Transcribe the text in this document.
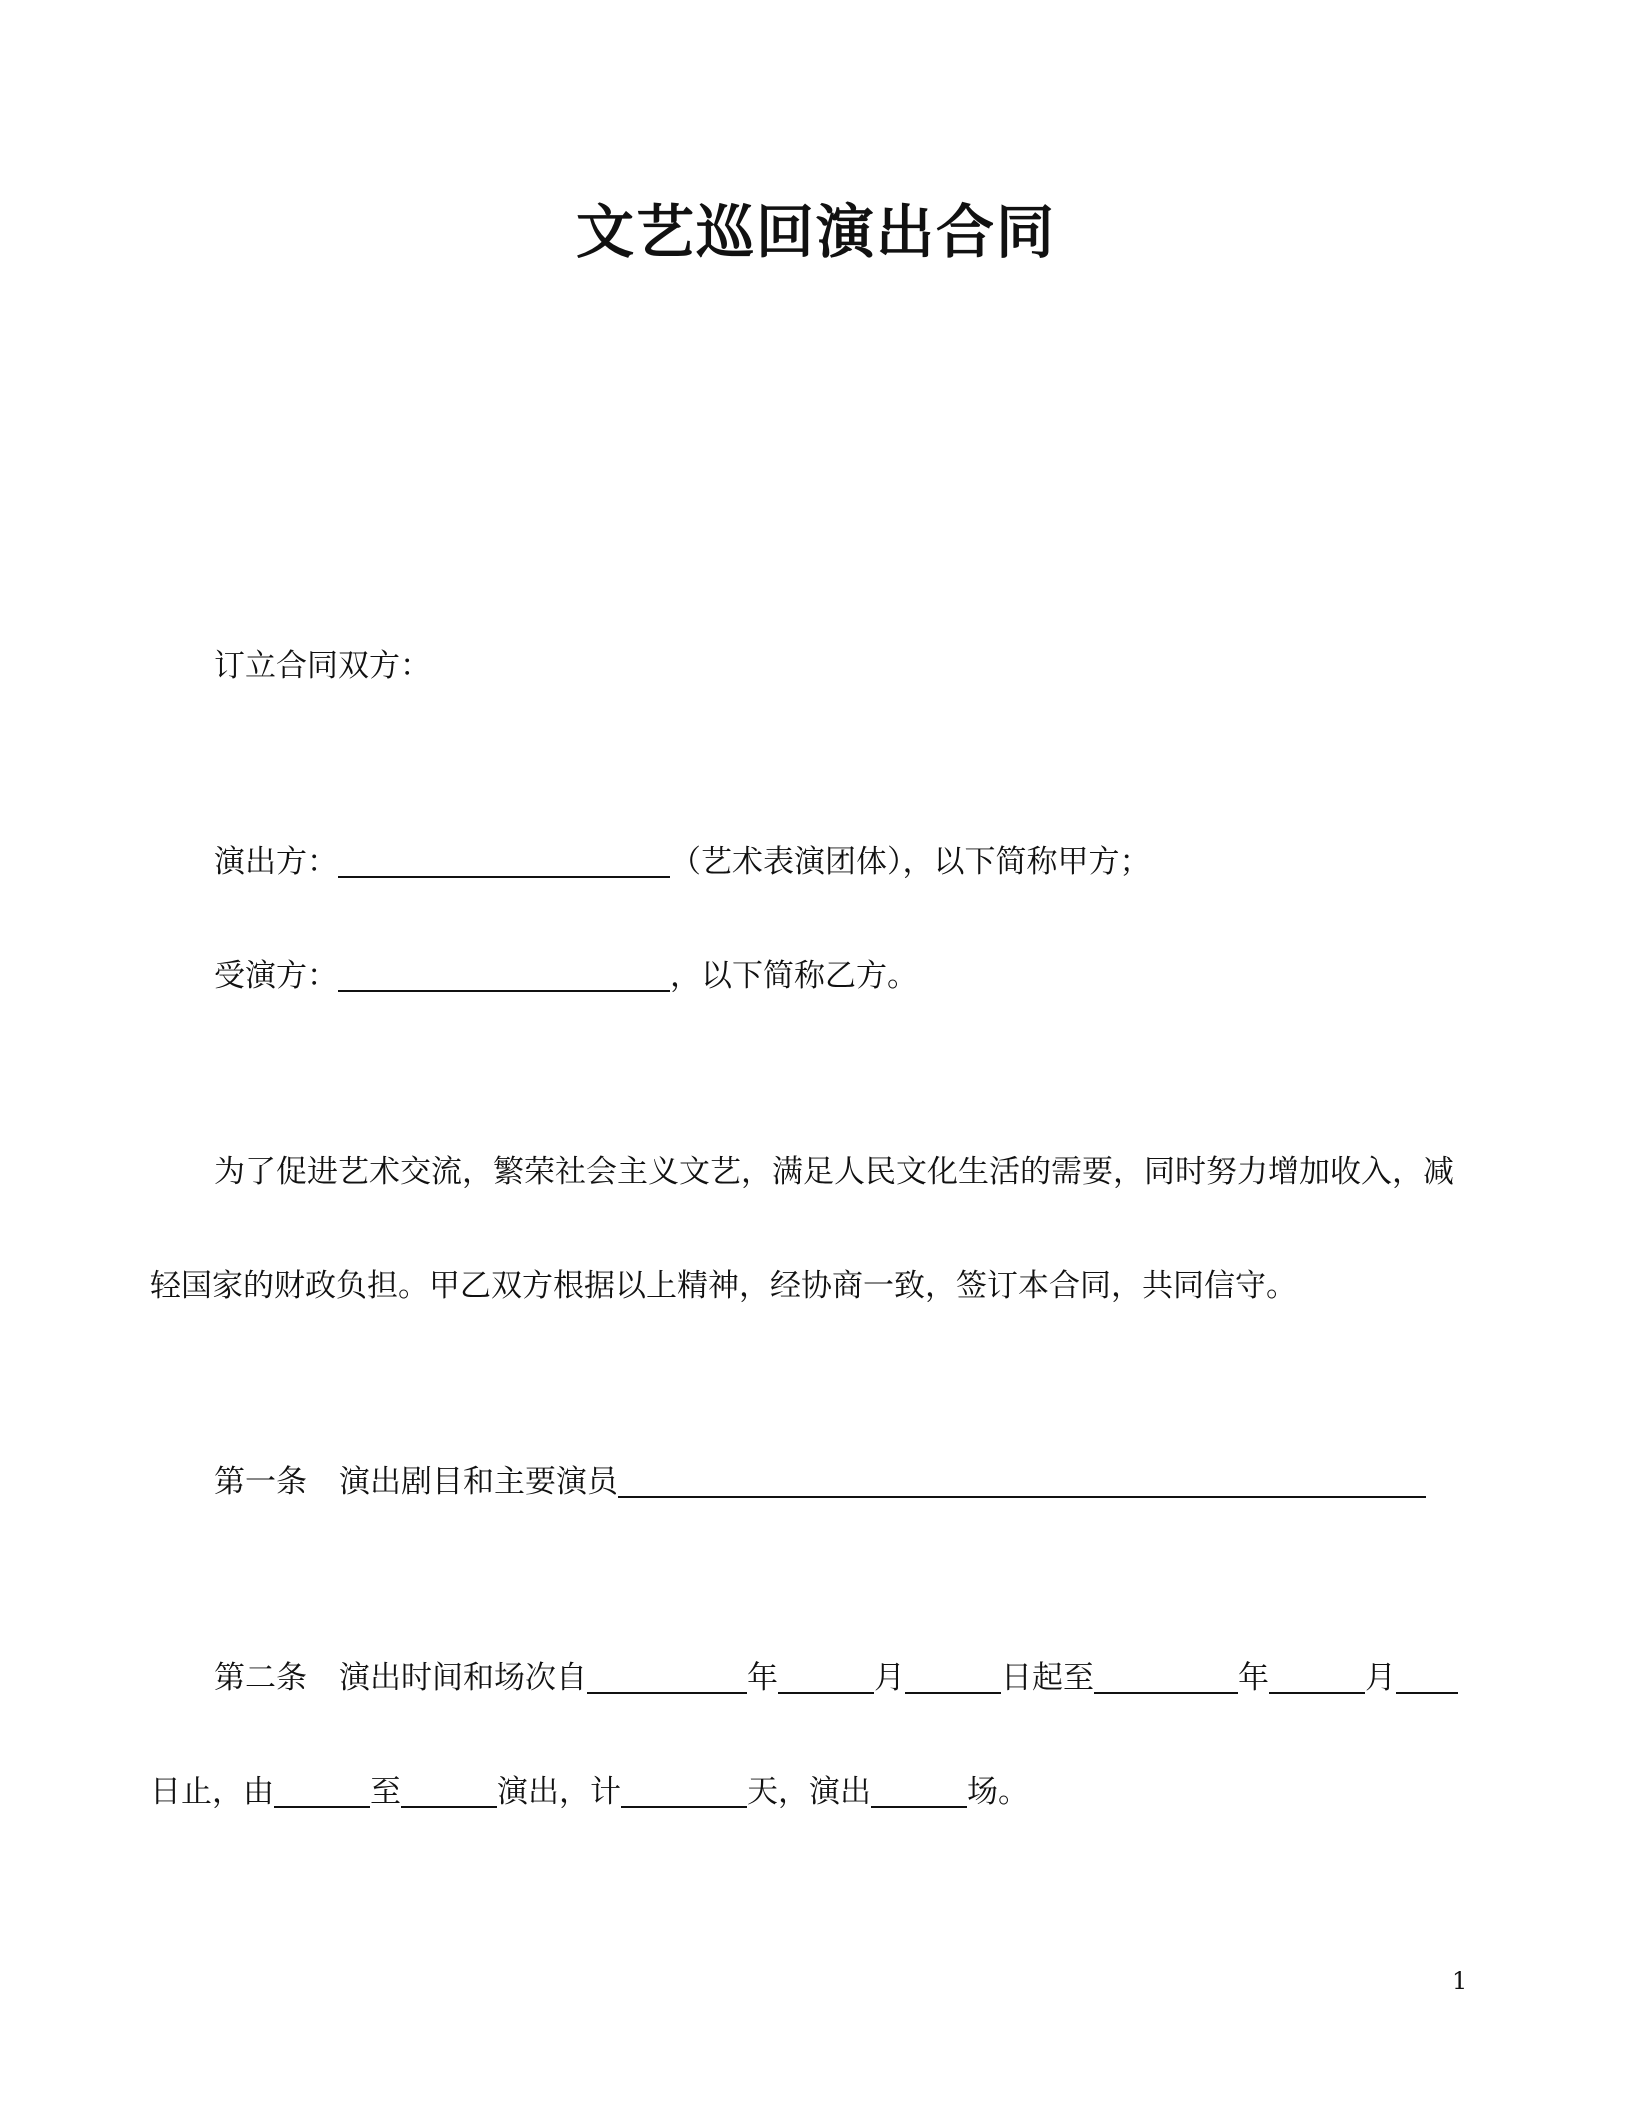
文艺巡回演出合同
订立合同双方：
演出方：	（艺术表演团体），以下简称甲方；
受演方：	，以下简称乙方。
为了促进艺术交流，繁荣社会主义文艺，满足人民文化生活的需要，同时努力增加收入，减
轻国家的财政负担。甲乙双方根据以上精神，经协商一致，签订本合同，共同信守。
第一条 演出剧目和主要演员
第二条 演出时间和场次自	年	月	日起至	年	月
日止，由	至	演出，计	天，演出	场。
1
